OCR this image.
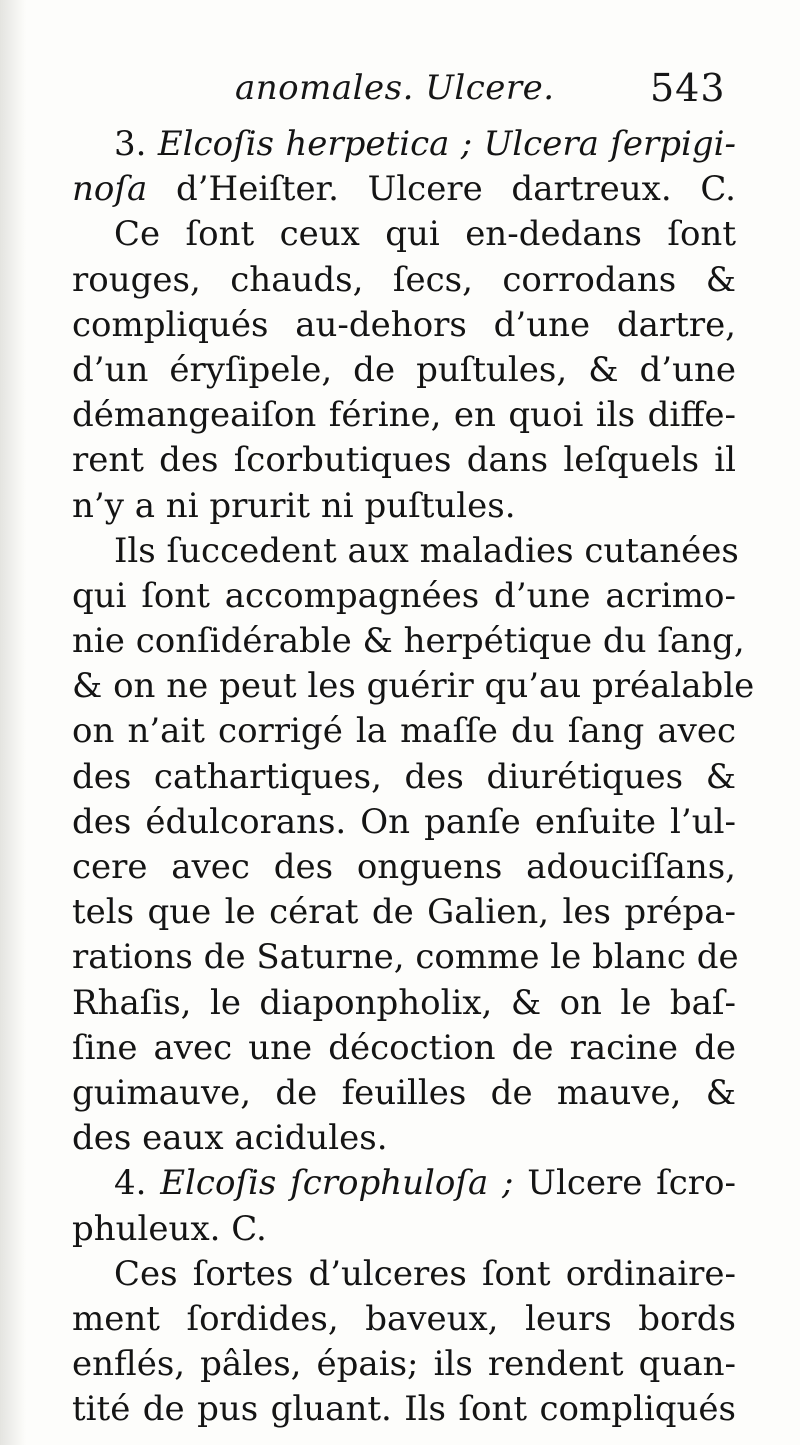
anomales. Ulcere.	543
3. Elcoſis herpetica ; Ulcera ſerpigi-
noſa d’Heiſter. Ulcere dartreux. C.
Ce ſont ceux qui en-dedans ſont
rouges, chauds, ſecs, corrodans &
compliqués au-dehors d’une dartre,
d’un éryſipele, de puſtules, & d’une
démangeaiſon férine, en quoi ils diffe-
rent des ſcorbutiques dans leſquels il
n’y a ni prurit ni puſtules.
Ils ſuccedent aux maladies cutanées
qui ſont accompagnées d’une acrimo-
nie conſidérable & herpétique du ſang,
& on ne peut les guérir qu’au préalable
on n’ait corrigé la maſſe du ſang avec
des cathartiques, des diurétiques &
des édulcorans. On panſe enſuite l’ul-
cere avec des onguens adouciſſans,
tels que le cérat de Galien, les prépa-
rations de Saturne, comme le blanc de
Rhaſis, le diaponpholix, & on le baſ-
ſine avec une décoction de racine de
guimauve, de feuilles de mauve, &
des eaux acidules.
4. Elcoſis ſcrophuloſa ; Ulcere ſcro-
phuleux. C.
Ces ſortes d’ulceres ſont ordinaire-
ment ſordides, baveux, leurs bords
enflés, pâles, épais; ils rendent quan-
tité de pus gluant. Ils ſont compliqués
